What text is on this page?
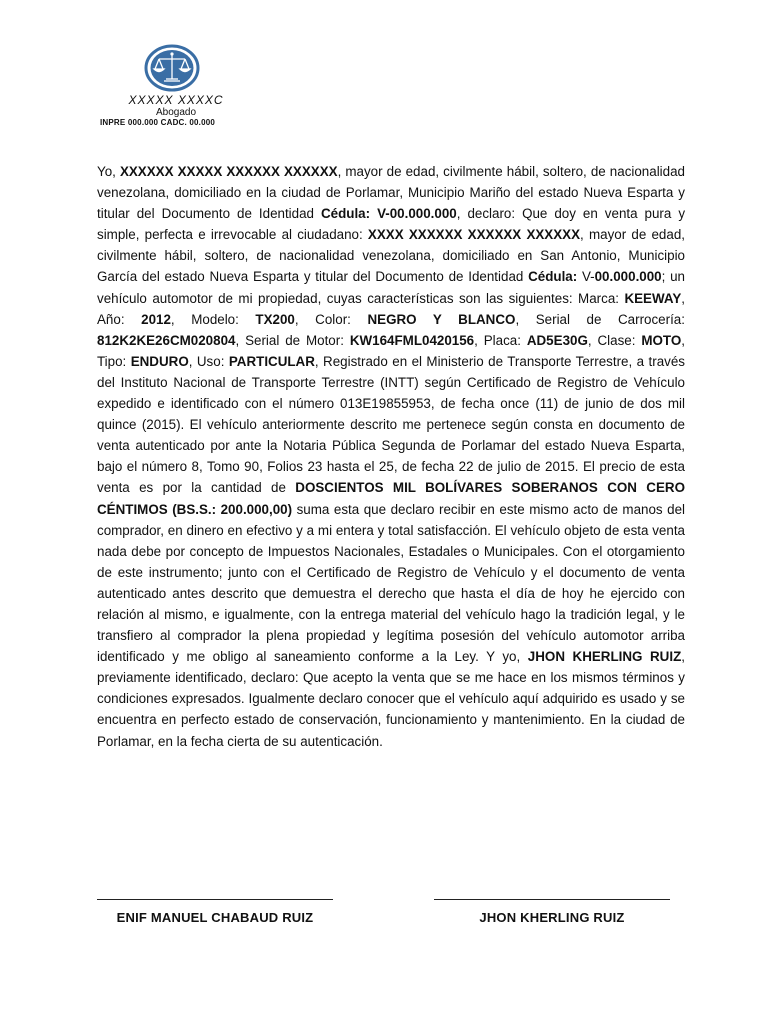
XXXXX XXXXC
Abogado
INPRE 000.000 CADC. 00.000

Yo, XXXXXX XXXXX XXXXXX XXXXXX, mayor de edad, civilmente hábil, soltero, de nacionalidad venezolana, domiciliado en la ciudad de Porlamar, Municipio Mariño del estado Nueva Esparta y titular del Documento de Identidad Cédula: V-00.000.000, declaro: Que doy en venta pura y simple, perfecta e irrevocable al ciudadano: XXXX XXXXXX XXXXXX XXXXXX, mayor de edad, civilmente hábil, soltero, de nacionalidad venezolana, domiciliado en San Antonio, Municipio García del estado Nueva Esparta y titular del Documento de Identidad Cédula: V-00.000.000; un vehículo automotor de mi propiedad, cuyas características son las siguientes: Marca: KEEWAY, Año: 2012, Modelo: TX200, Color: NEGRO Y BLANCO, Serial de Carrocería: 812K2KE26CM020804, Serial de Motor: KW164FML0420156, Placa: AD5E30G, Clase: MOTO, Tipo: ENDURO, Uso: PARTICULAR, Registrado en el Ministerio de Transporte Terrestre, a través del Instituto Nacional de Transporte Terrestre (INTT) según Certificado de Registro de Vehículo expedido e identificado con el número 013E19855953, de fecha once (11) de junio de dos mil quince (2015). El vehículo anteriormente descrito me pertenece según consta en documento de venta autenticado por ante la Notaria Pública Segunda de Porlamar del estado Nueva Esparta, bajo el número 8, Tomo 90, Folios 23 hasta el 25, de fecha 22 de julio de 2015. El precio de esta venta es por la cantidad de DOSCIENTOS MIL BOLÍVARES SOBERANOS CON CERO CÉNTIMOS (BS.S.: 200.000,00) suma esta que declaro recibir en este mismo acto de manos del comprador, en dinero en efectivo y a mi entera y total satisfacción. El vehículo objeto de esta venta nada debe por concepto de Impuestos Nacionales, Estadales o Municipales. Con el otorgamiento de este instrumento; junto con el Certificado de Registro de Vehículo y el documento de venta autenticado antes descrito que demuestra el derecho que hasta el día de hoy he ejercido con relación al mismo, e igualmente, con la entrega material del vehículo hago la tradición legal, y le transfiero al comprador la plena propiedad y legítima posesión del vehículo automotor arriba identificado y me obligo al saneamiento conforme a la Ley. Y yo, JHON KHERLING RUIZ, previamente identificado, declaro: Que acepto la venta que se me hace en los mismos términos y condiciones expresados. Igualmente declaro conocer que el vehículo aquí adquirido es usado y se encuentra en perfecto estado de conservación, funcionamiento y mantenimiento. En la ciudad de Porlamar, en la fecha cierta de su autenticación.

ENIF MANUEL CHABAUD RUIZ	JHON KHERLING RUIZ
